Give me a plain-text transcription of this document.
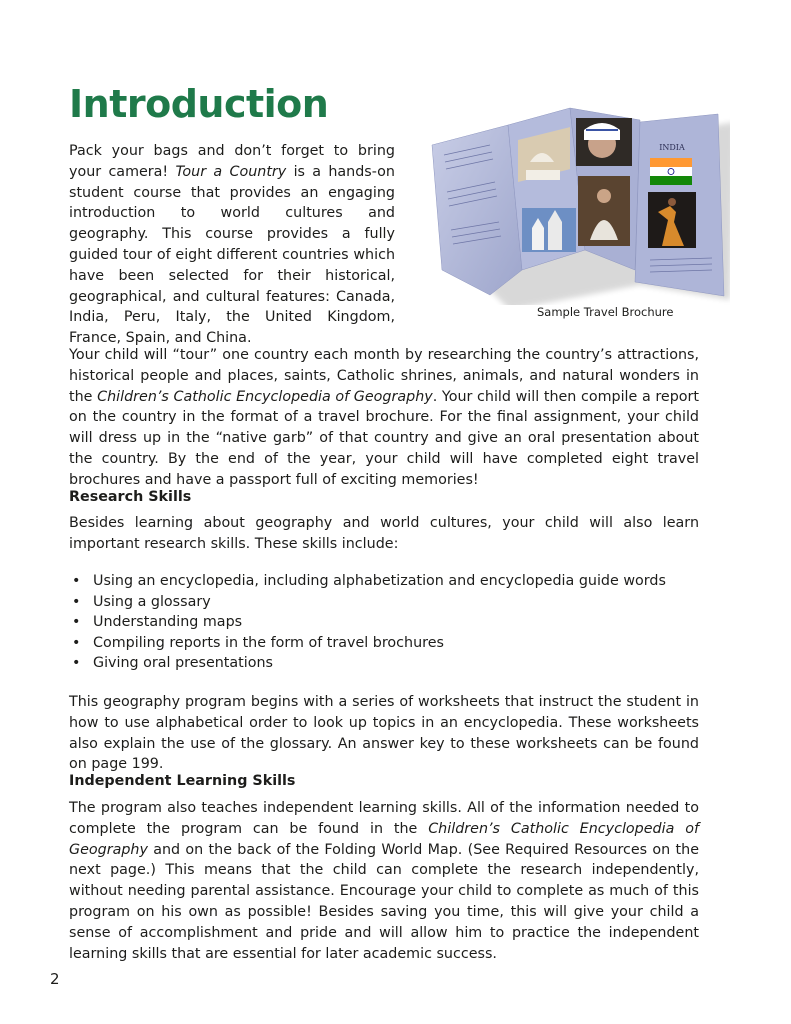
Introduction

Pack your bags and don’t forget to bring your camera! Tour a Country is a hands-on student course that provides an engaging introduction to world cultures and geography. This course provides a fully guided tour of eight different countries which have been selected for their historical, geographical, and cultural features: Canada, India, Peru, Italy, the United Kingdom, France, Spain, and China.

INDIA
Sample Travel Brochure

Your child will “tour” one country each month by researching the country’s attractions, historical people and places, saints, Catholic shrines, animals, and natural wonders in the Children’s Catholic Encyclopedia of Geography. Your child will then compile a report on the country in the format of a travel brochure. For the final assignment, your child will dress up in the “native garb” of that country and give an oral presentation about the country. By the end of the year, your child will have completed eight travel brochures and have a passport full of exciting memories!

Research Skills

Besides learning about geography and world cultures, your child will also learn important research skills. These skills include:

• Using an encyclopedia, including alphabetization and encyclopedia guide words
• Using a glossary
• Understanding maps
• Compiling reports in the form of travel brochures
• Giving oral presentations

This geography program begins with a series of worksheets that instruct the student in how to use alphabetical order to look up topics in an encyclopedia. These worksheets also explain the use of the glossary. An answer key to these worksheets can be found on page 199.

Independent Learning Skills

The program also teaches independent learning skills. All of the information needed to complete the program can be found in the Children’s Catholic Encyclopedia of Geography and on the back of the Folding World Map. (See Required Resources on the next page.) This means that the child can complete the research independently, without needing parental assistance. Encourage your child to complete as much of this program on his own as possible! Besides saving you time, this will give your child a sense of accomplishment and pride and will allow him to practice the independent learning skills that are essential for later academic success.

2
